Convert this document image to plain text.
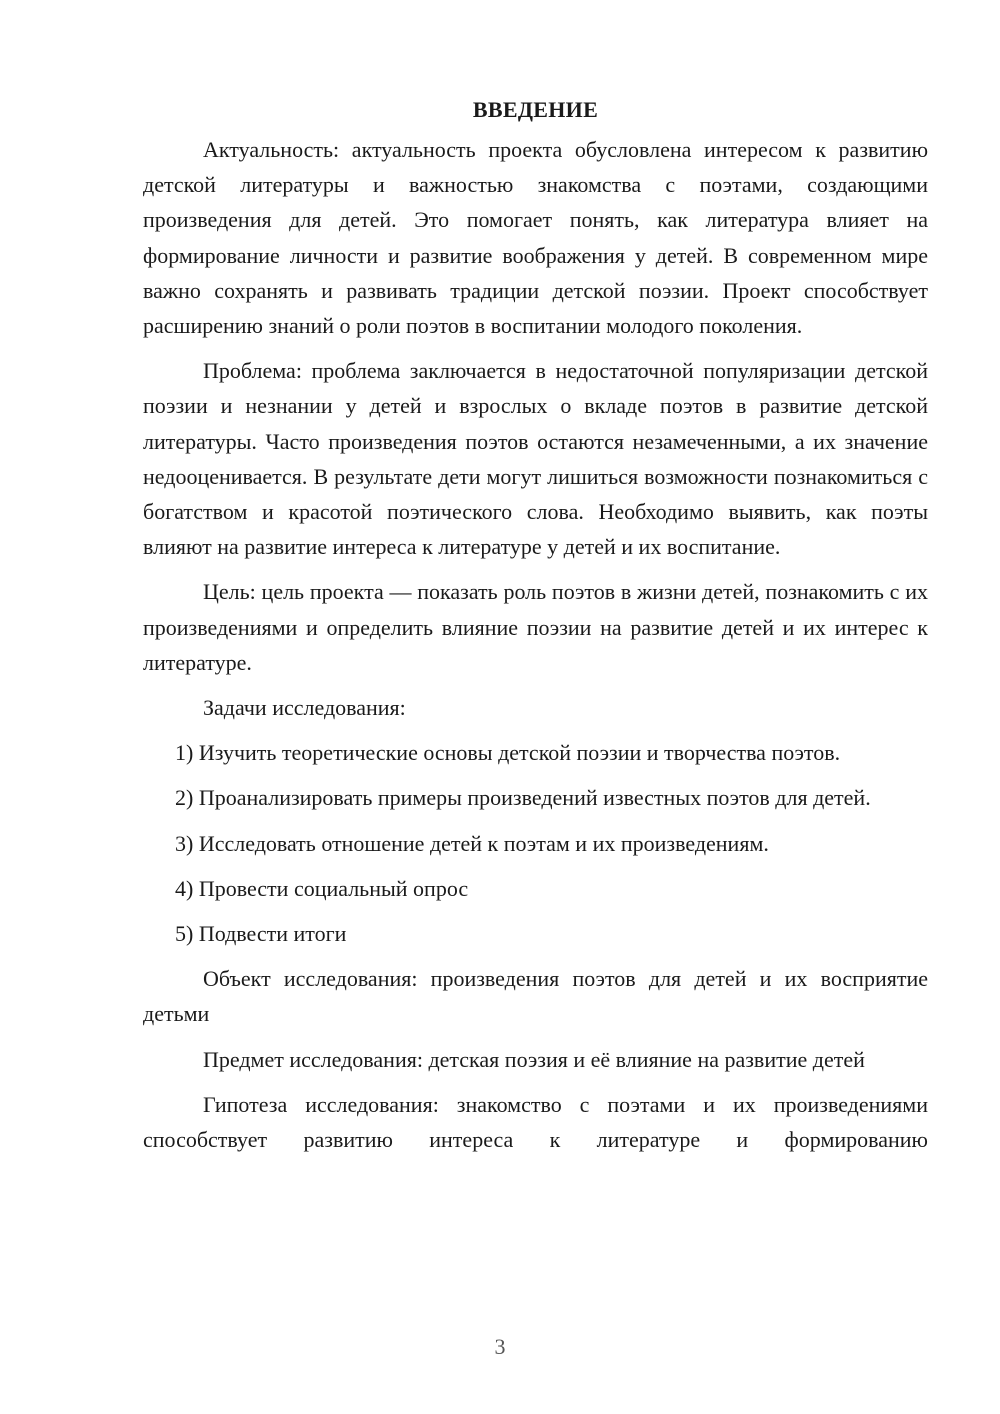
ВВЕДЕНИЕ

Актуальность: актуальность проекта обусловлена интересом к развитию детской литературы и важностью знакомства с поэтами, создающими произведения для детей. Это помогает понять, как литература влияет на формирование личности и развитие воображения у детей. В современном мире важно сохранять и развивать традиции детской поэзии. Проект способствует расширению знаний о роли поэтов в воспитании молодого поколения.

Проблема: проблема заключается в недостаточной популяризации детской поэзии и незнании у детей и взрослых о вкладе поэтов в развитие детской литературы. Часто произведения поэтов остаются незамеченными, а их значение недооценивается. В результате дети могут лишиться возможности познакомиться с богатством и красотой поэтического слова. Необходимо выявить, как поэты влияют на развитие интереса к литературе у детей и их воспитание.

Цель: цель проекта — показать роль поэтов в жизни детей, познакомить с их произведениями и определить влияние поэзии на развитие детей и их интерес к литературе.

Задачи исследования:

1) Изучить теоретические основы детской поэзии и творчества поэтов.

2) Проанализировать примеры произведений известных поэтов для детей.

3) Исследовать отношение детей к поэтам и их произведениям.

4) Провести социальный опрос

5) Подвести итоги

Объект исследования: произведения поэтов для детей и их восприятие детьми

Предмет исследования: детская поэзия и её влияние на развитие детей

Гипотеза исследования: знакомство с поэтами и их произведениями способствует развитию интереса к литературе и формированию

3
